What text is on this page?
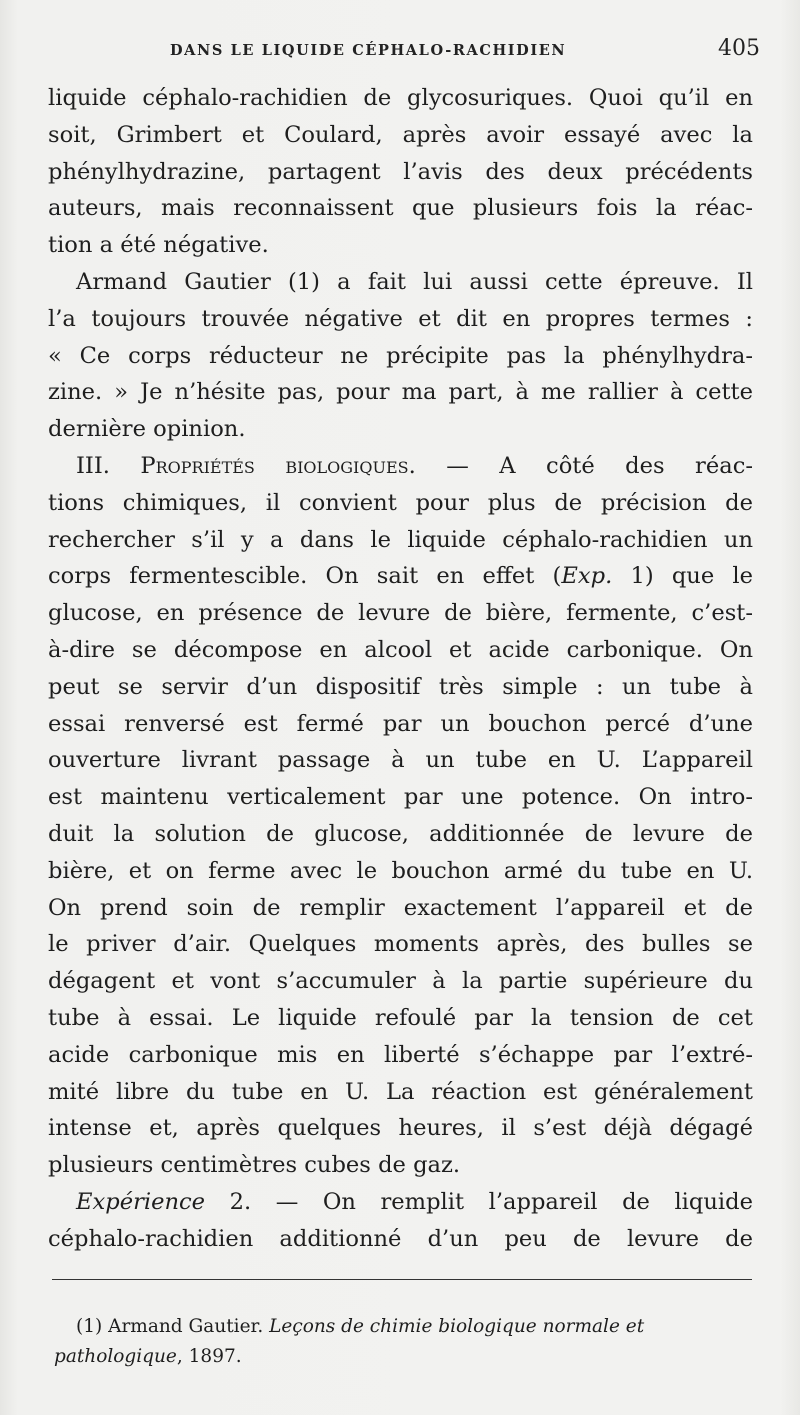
DANS LE LIQUIDE CÉPHALO-RACHIDIEN	405
liquide céphalo-rachidien de glycosuriques. Quoi qu’il en
soit, Grimbert et Coulard, après avoir essayé avec la
phénylhydrazine, partagent l’avis des deux précédents
auteurs, mais reconnaissent que plusieurs fois la réac-
tion a été négative.
Armand Gautier (1) a fait lui aussi cette épreuve. Il
l’a toujours trouvée négative et dit en propres termes :
« Ce corps réducteur ne précipite pas la phénylhydra-
zine. » Je n’hésite pas, pour ma part, à me rallier à cette
dernière opinion.
III. Propriétés biologiques. — A côté des réac-
tions chimiques, il convient pour plus de précision de
rechercher s’il y a dans le liquide céphalo-rachidien un
corps fermentescible. On sait en effet (Exp. 1) que le
glucose, en présence de levure de bière, fermente, c’est-
à-dire se décompose en alcool et acide carbonique. On
peut se servir d’un dispositif très simple : un tube à
essai renversé est fermé par un bouchon percé d’une
ouverture livrant passage à un tube en U. L’appareil
est maintenu verticalement par une potence. On intro-
duit la solution de glucose, additionnée de levure de
bière, et on ferme avec le bouchon armé du tube en U.
On prend soin de remplir exactement l’appareil et de
le priver d’air. Quelques moments après, des bulles se
dégagent et vont s’accumuler à la partie supérieure du
tube à essai. Le liquide refoulé par la tension de cet
acide carbonique mis en liberté s’échappe par l’extré-
mité libre du tube en U. La réaction est généralement
intense et, après quelques heures, il s’est déjà dégagé
plusieurs centimètres cubes de gaz.
Expérience 2. — On remplit l’appareil de liquide
céphalo-rachidien additionné d’un peu de levure de
(1) Armand Gautier. Leçons de chimie biologique normale et
pathologique, 1897.
